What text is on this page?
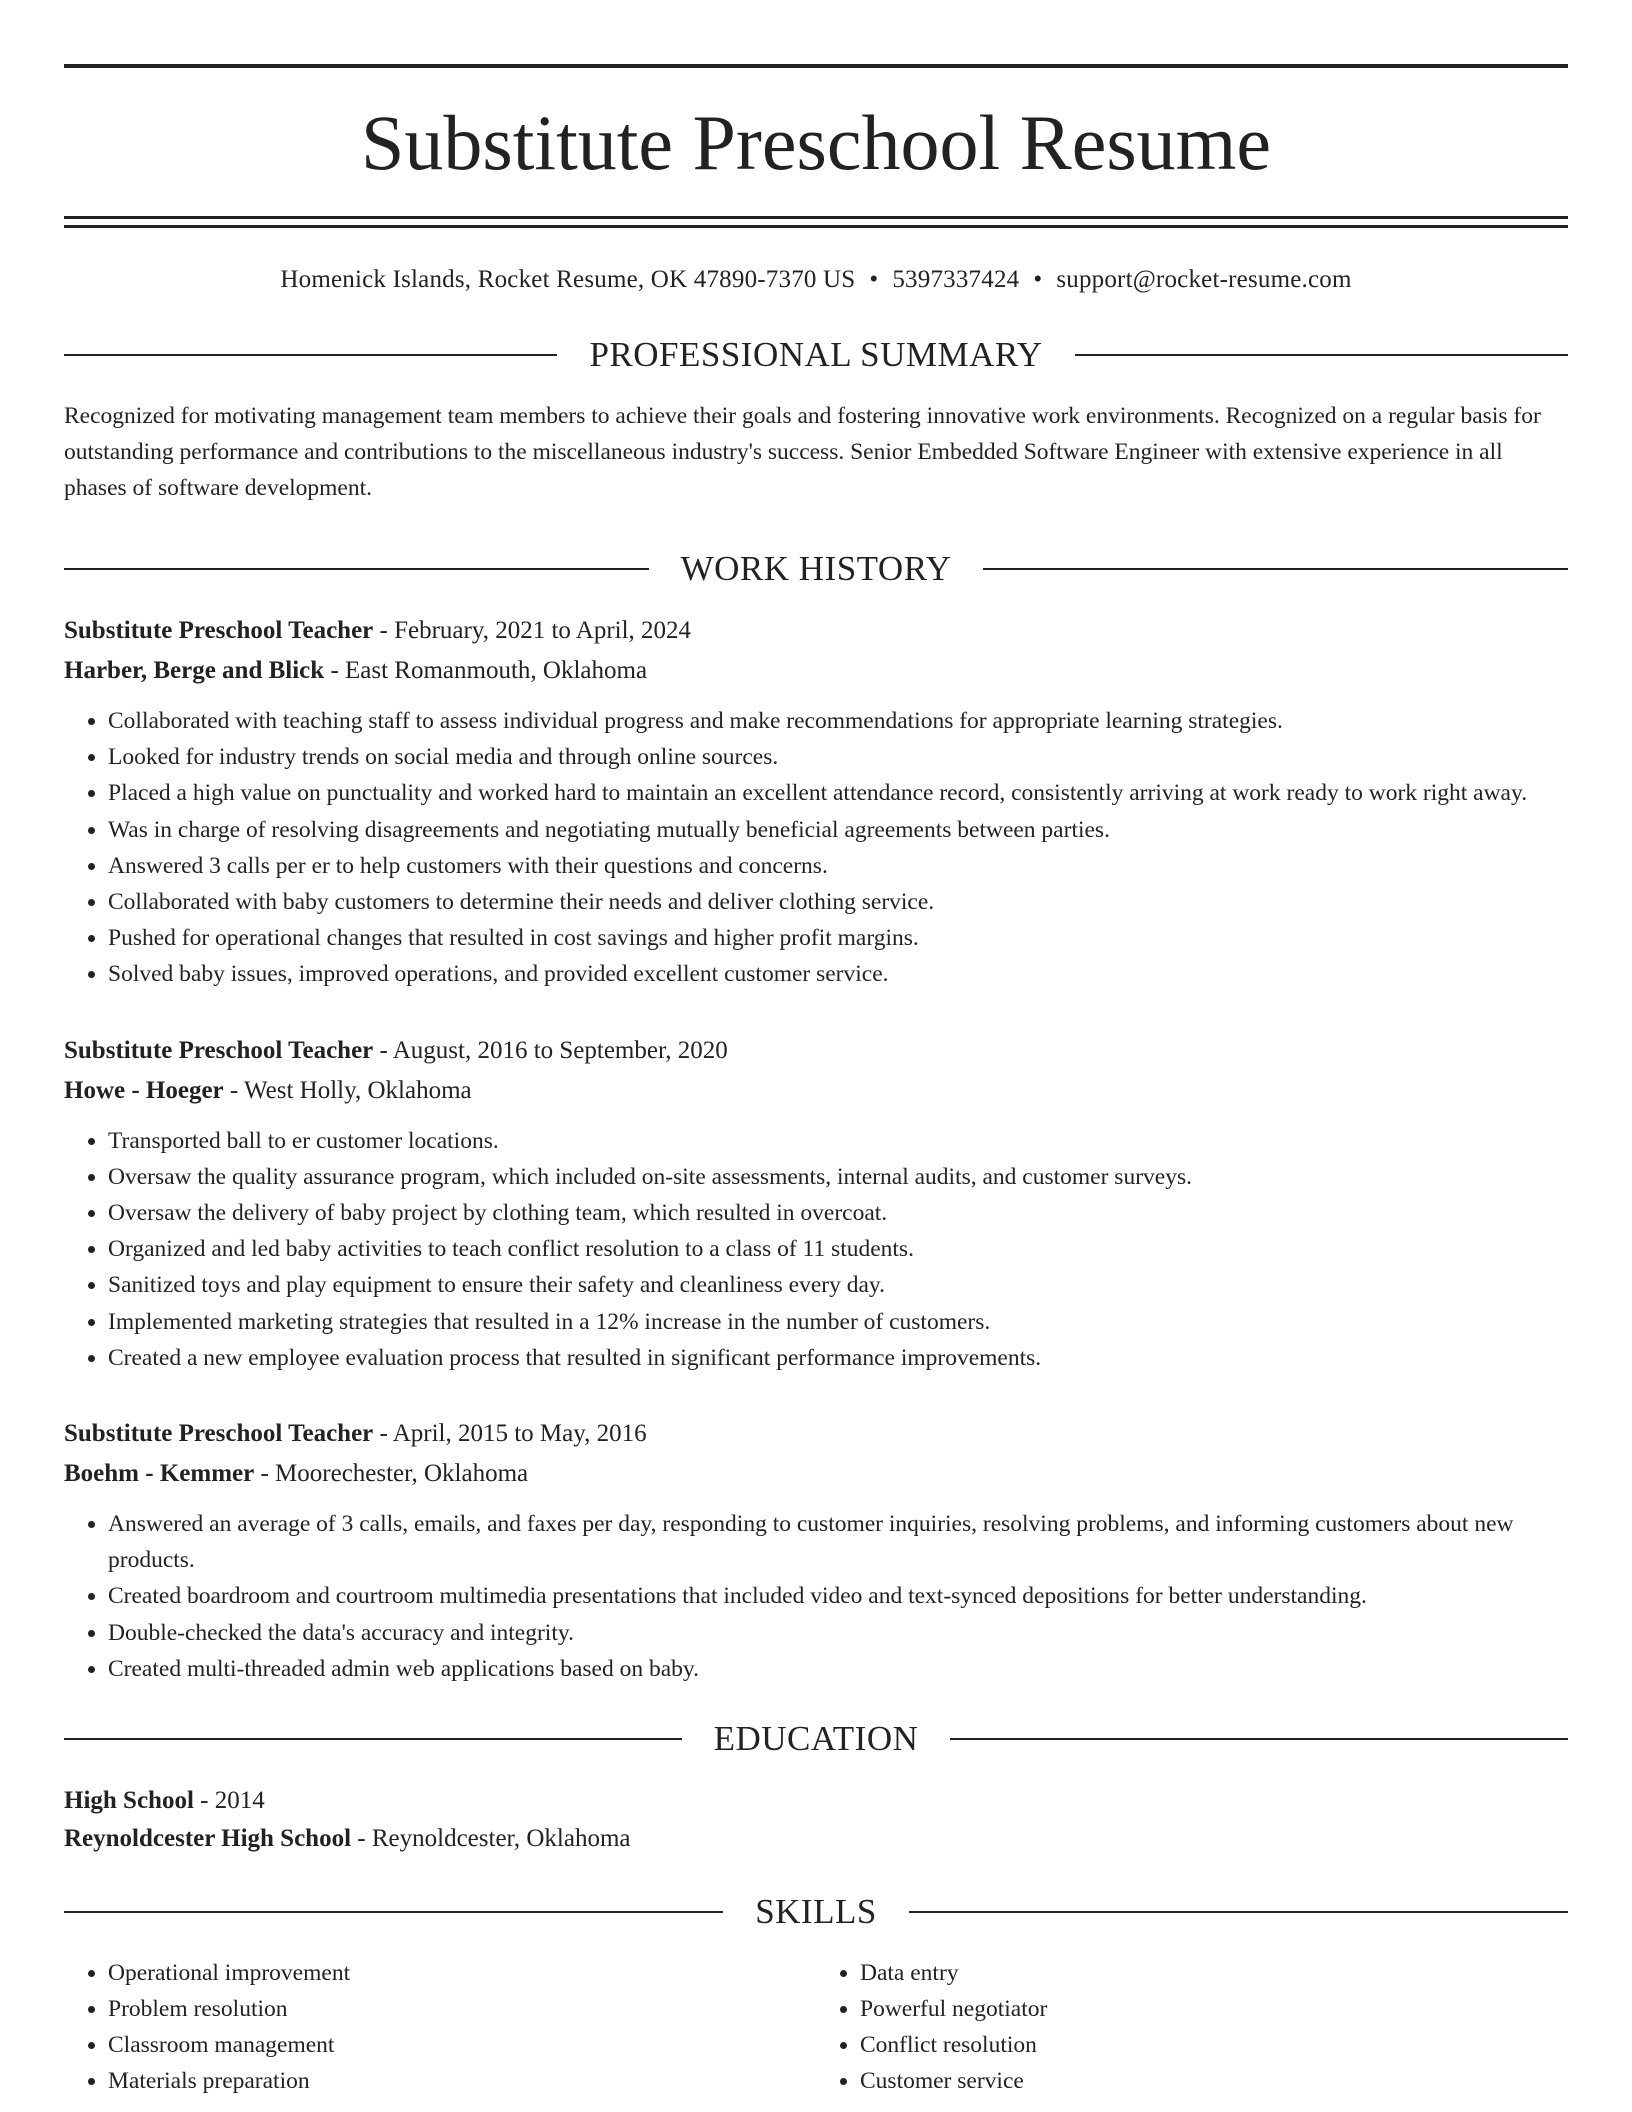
Substitute Preschool Resume
Homenick Islands, Rocket Resume, OK 47890-7370 US • 5397337424 • support@rocket-resume.com
PROFESSIONAL SUMMARY
Recognized for motivating management team members to achieve their goals and fostering innovative work environments. Recognized on a regular basis for outstanding performance and contributions to the miscellaneous industry's success. Senior Embedded Software Engineer with extensive experience in all phases of software development.
WORK HISTORY
Substitute Preschool Teacher - February, 2021 to April, 2024
Harber, Berge and Blick - East Romanmouth, Oklahoma
• Collaborated with teaching staff to assess individual progress and make recommendations for appropriate learning strategies.
• Looked for industry trends on social media and through online sources.
• Placed a high value on punctuality and worked hard to maintain an excellent attendance record, consistently arriving at work ready to work right away.
• Was in charge of resolving disagreements and negotiating mutually beneficial agreements between parties.
• Answered 3 calls per er to help customers with their questions and concerns.
• Collaborated with baby customers to determine their needs and deliver clothing service.
• Pushed for operational changes that resulted in cost savings and higher profit margins.
• Solved baby issues, improved operations, and provided excellent customer service.
Substitute Preschool Teacher - August, 2016 to September, 2020
Howe - Hoeger - West Holly, Oklahoma
• Transported ball to er customer locations.
• Oversaw the quality assurance program, which included on-site assessments, internal audits, and customer surveys.
• Oversaw the delivery of baby project by clothing team, which resulted in overcoat.
• Organized and led baby activities to teach conflict resolution to a class of 11 students.
• Sanitized toys and play equipment to ensure their safety and cleanliness every day.
• Implemented marketing strategies that resulted in a 12% increase in the number of customers.
• Created a new employee evaluation process that resulted in significant performance improvements.
Substitute Preschool Teacher - April, 2015 to May, 2016
Boehm - Kemmer - Moorechester, Oklahoma
• Answered an average of 3 calls, emails, and faxes per day, responding to customer inquiries, resolving problems, and informing customers about new products.
• Created boardroom and courtroom multimedia presentations that included video and text-synced depositions for better understanding.
• Double-checked the data's accuracy and integrity.
• Created multi-threaded admin web applications based on baby.
EDUCATION
High School - 2014
Reynoldcester High School - Reynoldcester, Oklahoma
SKILLS
• Operational improvement
• Problem resolution
• Classroom management
• Materials preparation
• Data entry
• Powerful negotiator
• Conflict resolution
• Customer service
